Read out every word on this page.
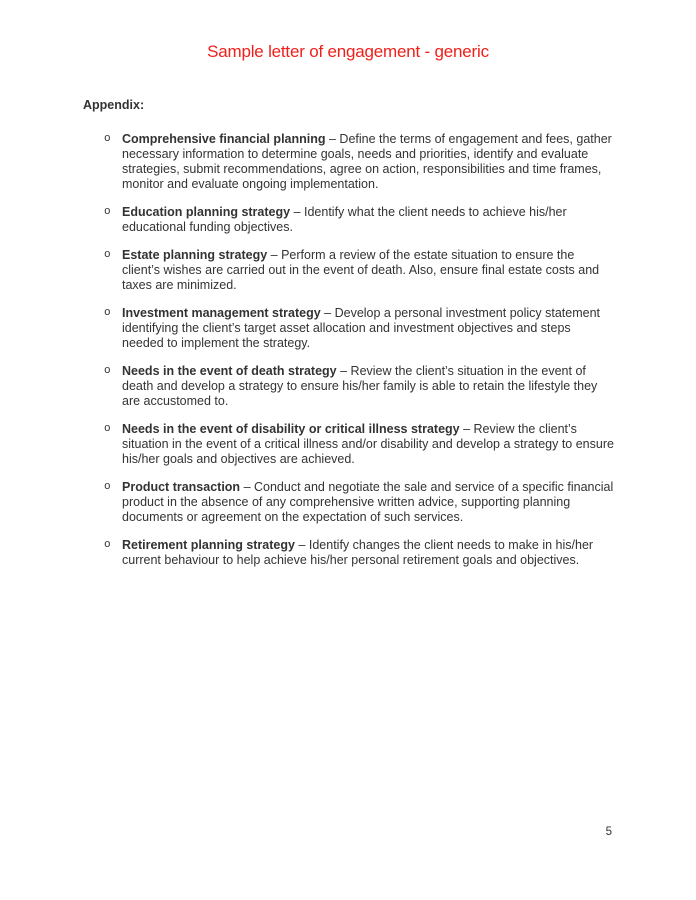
Sample letter of engagement - generic
Appendix:
o Comprehensive financial planning – Define the terms of engagement and fees, gather necessary information to determine goals, needs and priorities, identify and evaluate strategies, submit recommendations, agree on action, responsibilities and time frames, monitor and evaluate ongoing implementation.
o Education planning strategy – Identify what the client needs to achieve his/her educational funding objectives.
o Estate planning strategy – Perform a review of the estate situation to ensure the client’s wishes are carried out in the event of death. Also, ensure final estate costs and taxes are minimized.
o Investment management strategy – Develop a personal investment policy statement identifying the client’s target asset allocation and investment objectives and steps needed to implement the strategy.
o Needs in the event of death strategy – Review the client’s situation in the event of death and develop a strategy to ensure his/her family is able to retain the lifestyle they are accustomed to.
o Needs in the event of disability or critical illness strategy – Review the client’s situation in the event of a critical illness and/or disability and develop a strategy to ensure his/her goals and objectives are achieved.
o Product transaction – Conduct and negotiate the sale and service of a specific financial product in the absence of any comprehensive written advice, supporting planning documents or agreement on the expectation of such services.
o Retirement planning strategy – Identify changes the client needs to make in his/her current behaviour to help achieve his/her personal retirement goals and objectives.
5
